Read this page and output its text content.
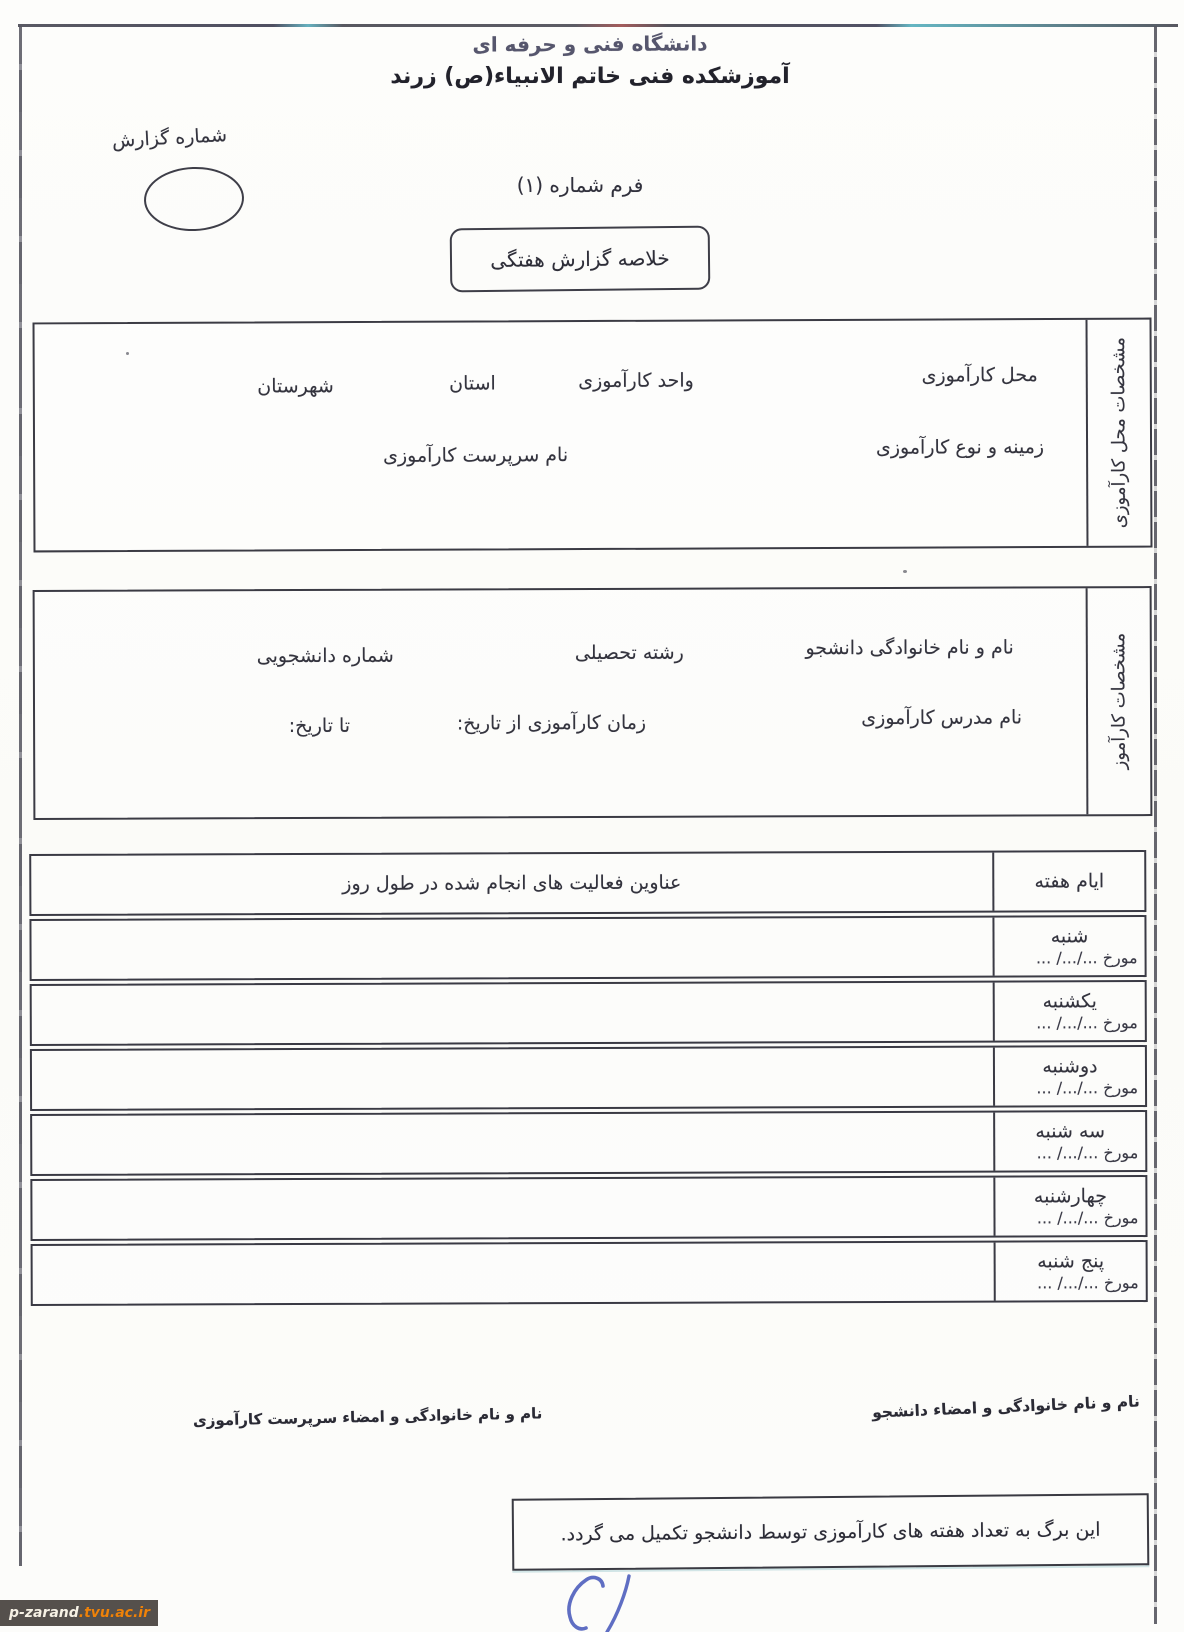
دانشگاه فنی و حرفه ای
آموزشکده فنی خاتم الانبیاء(ص) زرند
شماره گزارش
فرم شماره (۱)
خلاصه گزارش هفتگی
مشخصات محل کارآموزی
محل کارآموزی
واحد کارآموزی
استان
شهرستان
زمینه و نوع کارآموزی
نام سرپرست کارآموزی
مشخصات کارآموز
نام و نام خانوادگی دانشجو
رشته تحصیلی
شماره دانشجویی
نام مدرس کارآموزی
زمان کارآموزی از تاریخ:
تا تاریخ:
ایام هفته
عناوین فعالیت های انجام شده در طول روز
شنبه
مورخ .../.../ ...
یکشنبه
مورخ .../.../ ...
دوشنبه
مورخ .../.../ ...
سه شنبه
مورخ .../.../ ...
چهارشنبه
مورخ .../.../ ...
پنج شنبه
مورخ .../.../ ...
نام و نام خانوادگی و امضاء دانشجو
نام و نام خانوادگی و امضاء سرپرست کارآموزی
این برگ به تعداد هفته های کارآموزی توسط دانشجو تکمیل می گردد.
p-zarand .tvu.ac.ir
